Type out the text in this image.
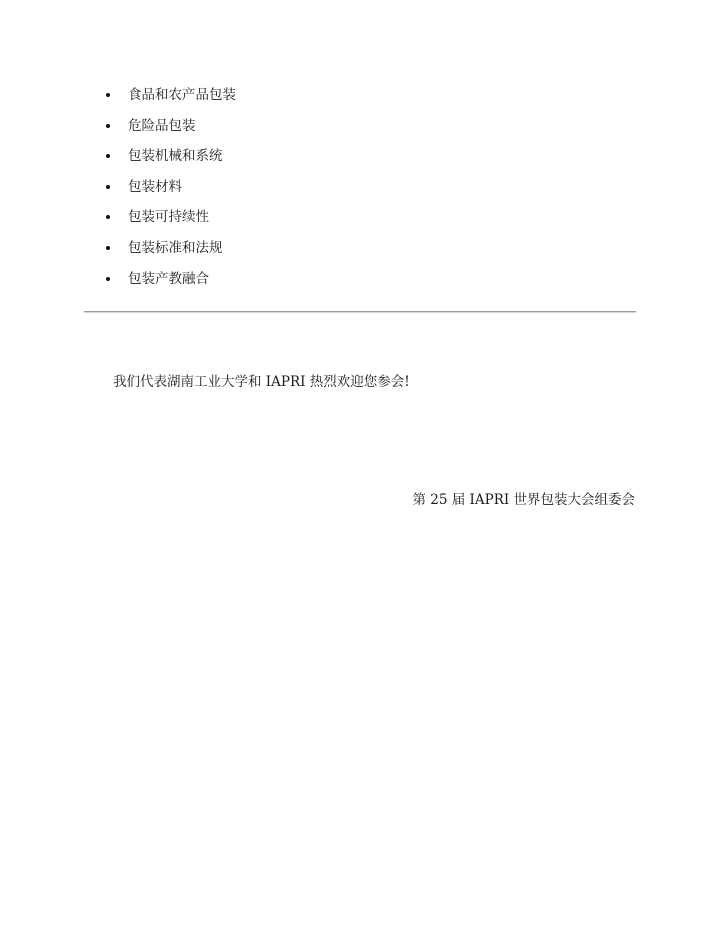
食品和农产品包装
危险品包装
包装机械和系统
包装材料
包装可持续性
包装标准和法规
包装产教融合

我们代表湖南工业大学和 IAPRI 热烈欢迎您参会!

第 25 届 IAPRI 世界包装大会组委会
